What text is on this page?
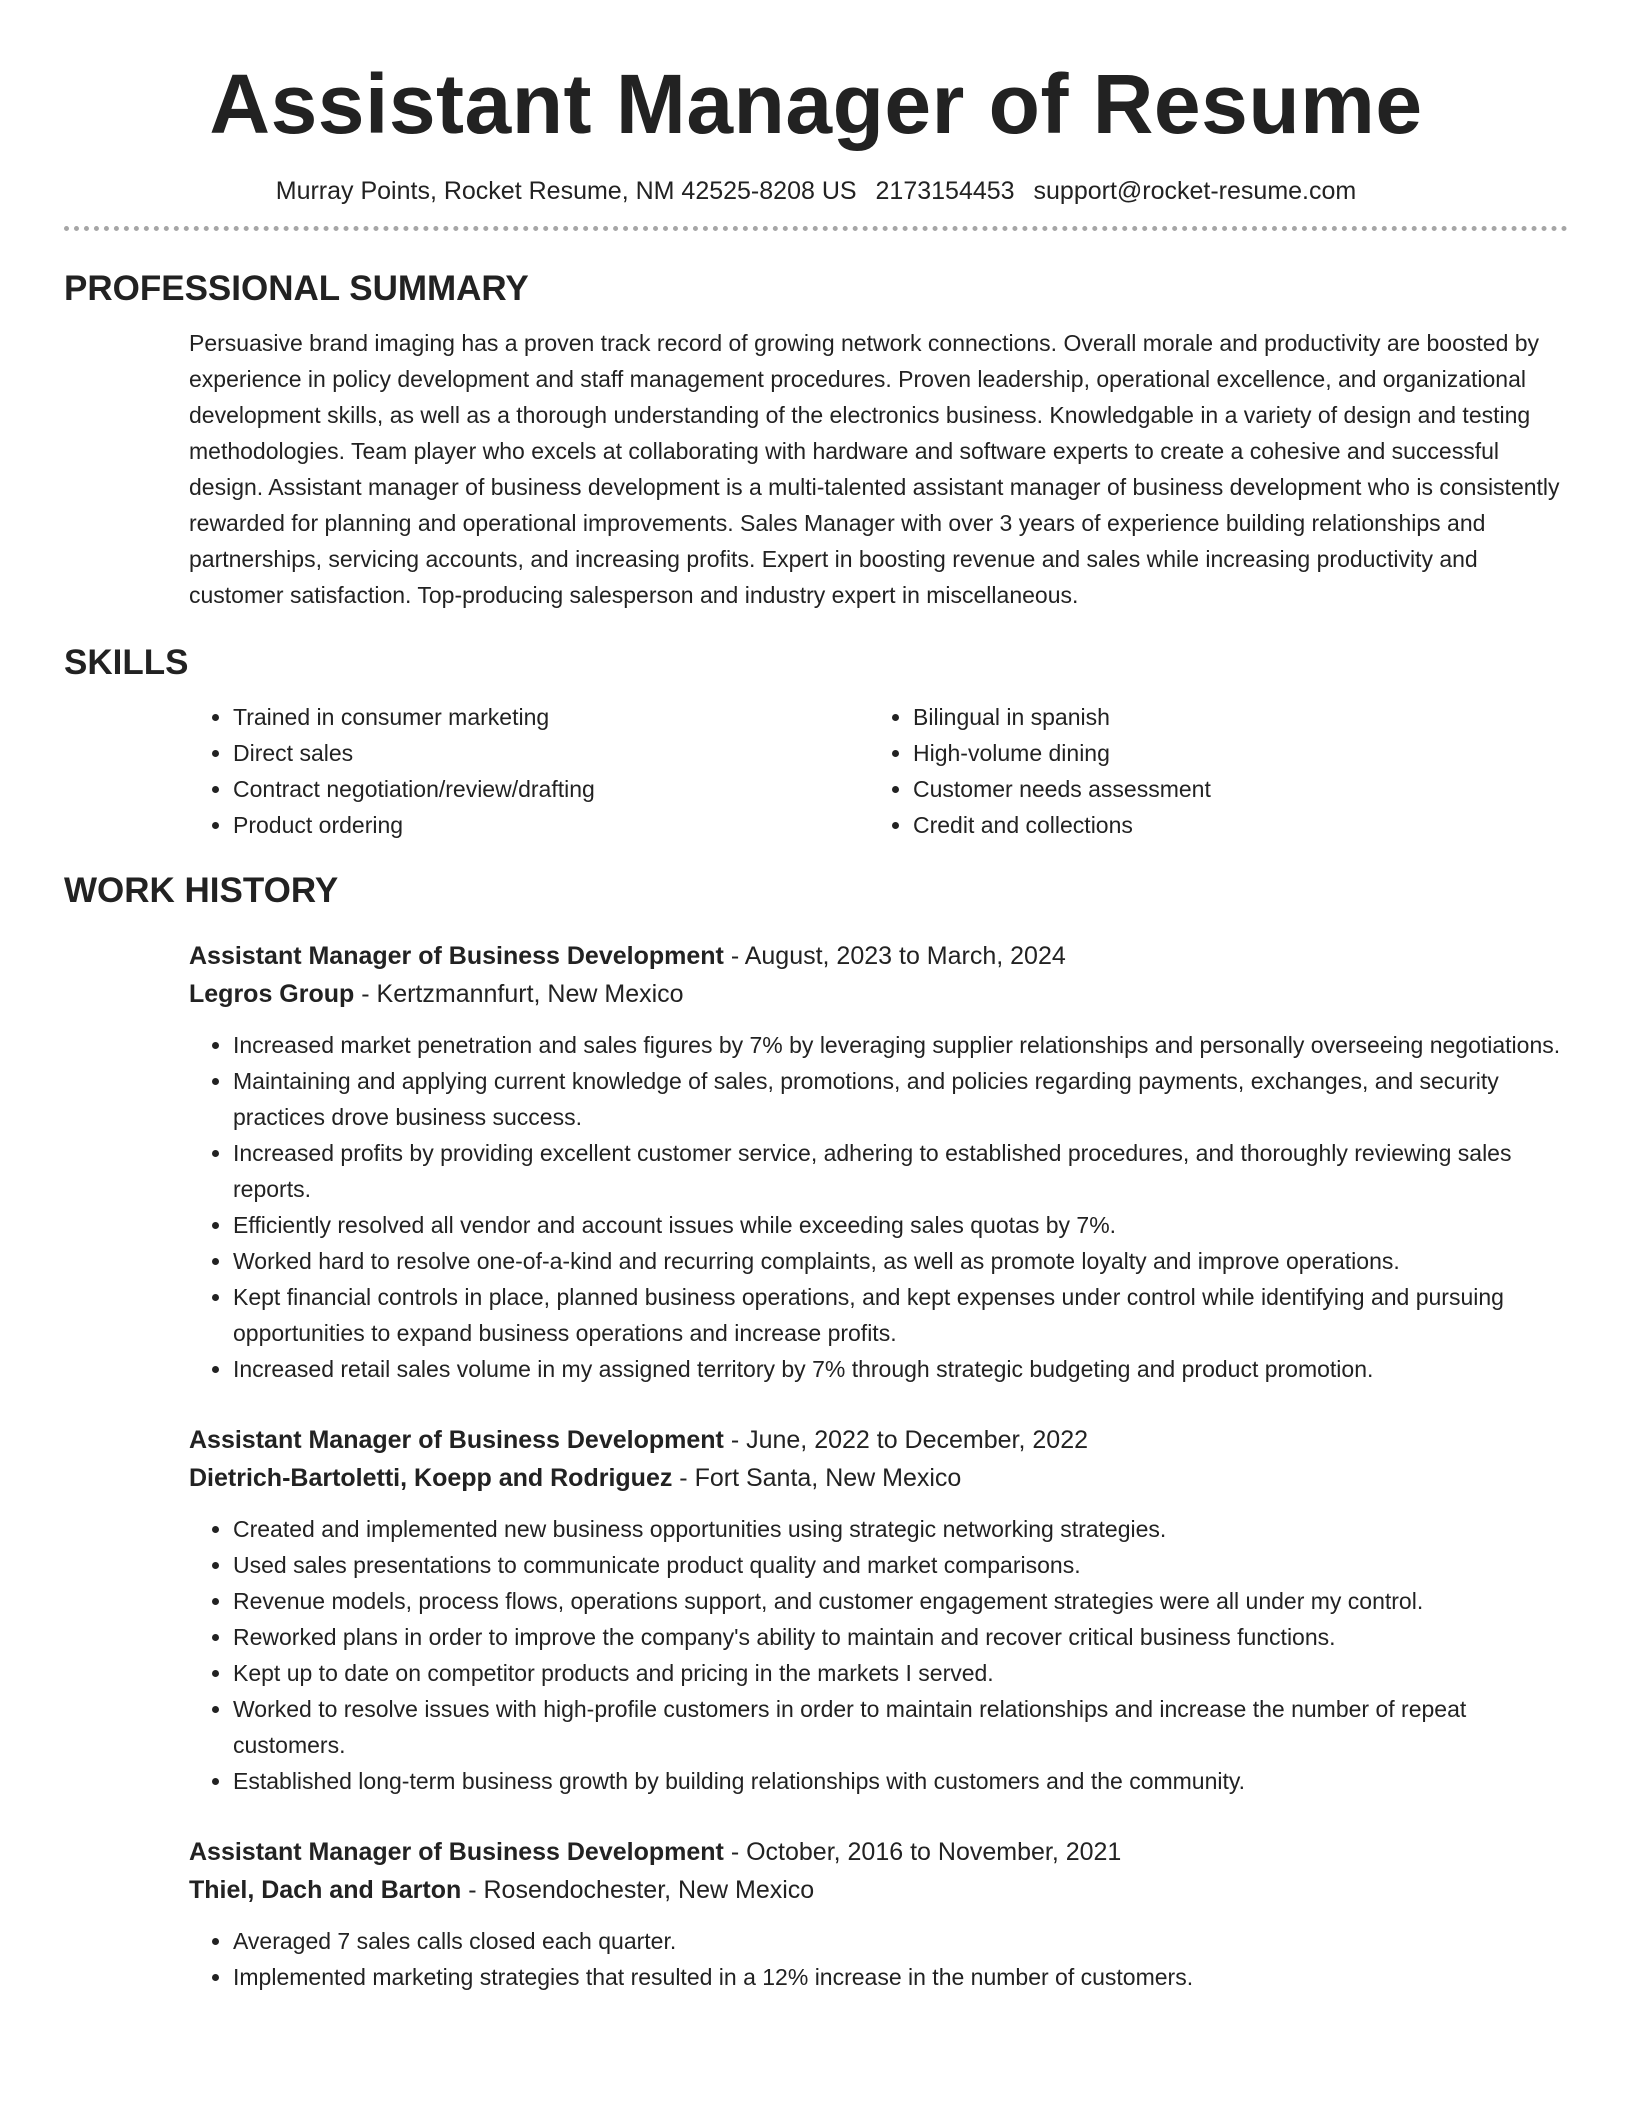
Assistant Manager of Resume
Murray Points, Rocket Resume, NM 42525-8208 US 2173154453 support@rocket-resume.com
PROFESSIONAL SUMMARY
Persuasive brand imaging has a proven track record of growing network connections. Overall morale and productivity are boosted by experience in policy development and staff management procedures. Proven leadership, operational excellence, and organizational development skills, as well as a thorough understanding of the electronics business. Knowledgable in a variety of design and testing methodologies. Team player who excels at collaborating with hardware and software experts to create a cohesive and successful design. Assistant manager of business development is a multi-talented assistant manager of business development who is consistently rewarded for planning and operational improvements. Sales Manager with over 3 years of experience building relationships and partnerships, servicing accounts, and increasing profits. Expert in boosting revenue and sales while increasing productivity and customer satisfaction. Top-producing salesperson and industry expert in miscellaneous.
SKILLS
• Trained in consumer marketing
• Direct sales
• Contract negotiation/review/drafting
• Product ordering
• Bilingual in spanish
• High-volume dining
• Customer needs assessment
• Credit and collections
WORK HISTORY
Assistant Manager of Business Development - August, 2023 to March, 2024
Legros Group - Kertzmannfurt, New Mexico
• Increased market penetration and sales figures by 7% by leveraging supplier relationships and personally overseeing negotiations.
• Maintaining and applying current knowledge of sales, promotions, and policies regarding payments, exchanges, and security practices drove business success.
• Increased profits by providing excellent customer service, adhering to established procedures, and thoroughly reviewing sales reports.
• Efficiently resolved all vendor and account issues while exceeding sales quotas by 7%.
• Worked hard to resolve one-of-a-kind and recurring complaints, as well as promote loyalty and improve operations.
• Kept financial controls in place, planned business operations, and kept expenses under control while identifying and pursuing opportunities to expand business operations and increase profits.
• Increased retail sales volume in my assigned territory by 7% through strategic budgeting and product promotion.
Assistant Manager of Business Development - June, 2022 to December, 2022
Dietrich-Bartoletti, Koepp and Rodriguez - Fort Santa, New Mexico
• Created and implemented new business opportunities using strategic networking strategies.
• Used sales presentations to communicate product quality and market comparisons.
• Revenue models, process flows, operations support, and customer engagement strategies were all under my control.
• Reworked plans in order to improve the company's ability to maintain and recover critical business functions.
• Kept up to date on competitor products and pricing in the markets I served.
• Worked to resolve issues with high-profile customers in order to maintain relationships and increase the number of repeat customers.
• Established long-term business growth by building relationships with customers and the community.
Assistant Manager of Business Development - October, 2016 to November, 2021
Thiel, Dach and Barton - Rosendochester, New Mexico
• Averaged 7 sales calls closed each quarter.
• Implemented marketing strategies that resulted in a 12% increase in the number of customers.
